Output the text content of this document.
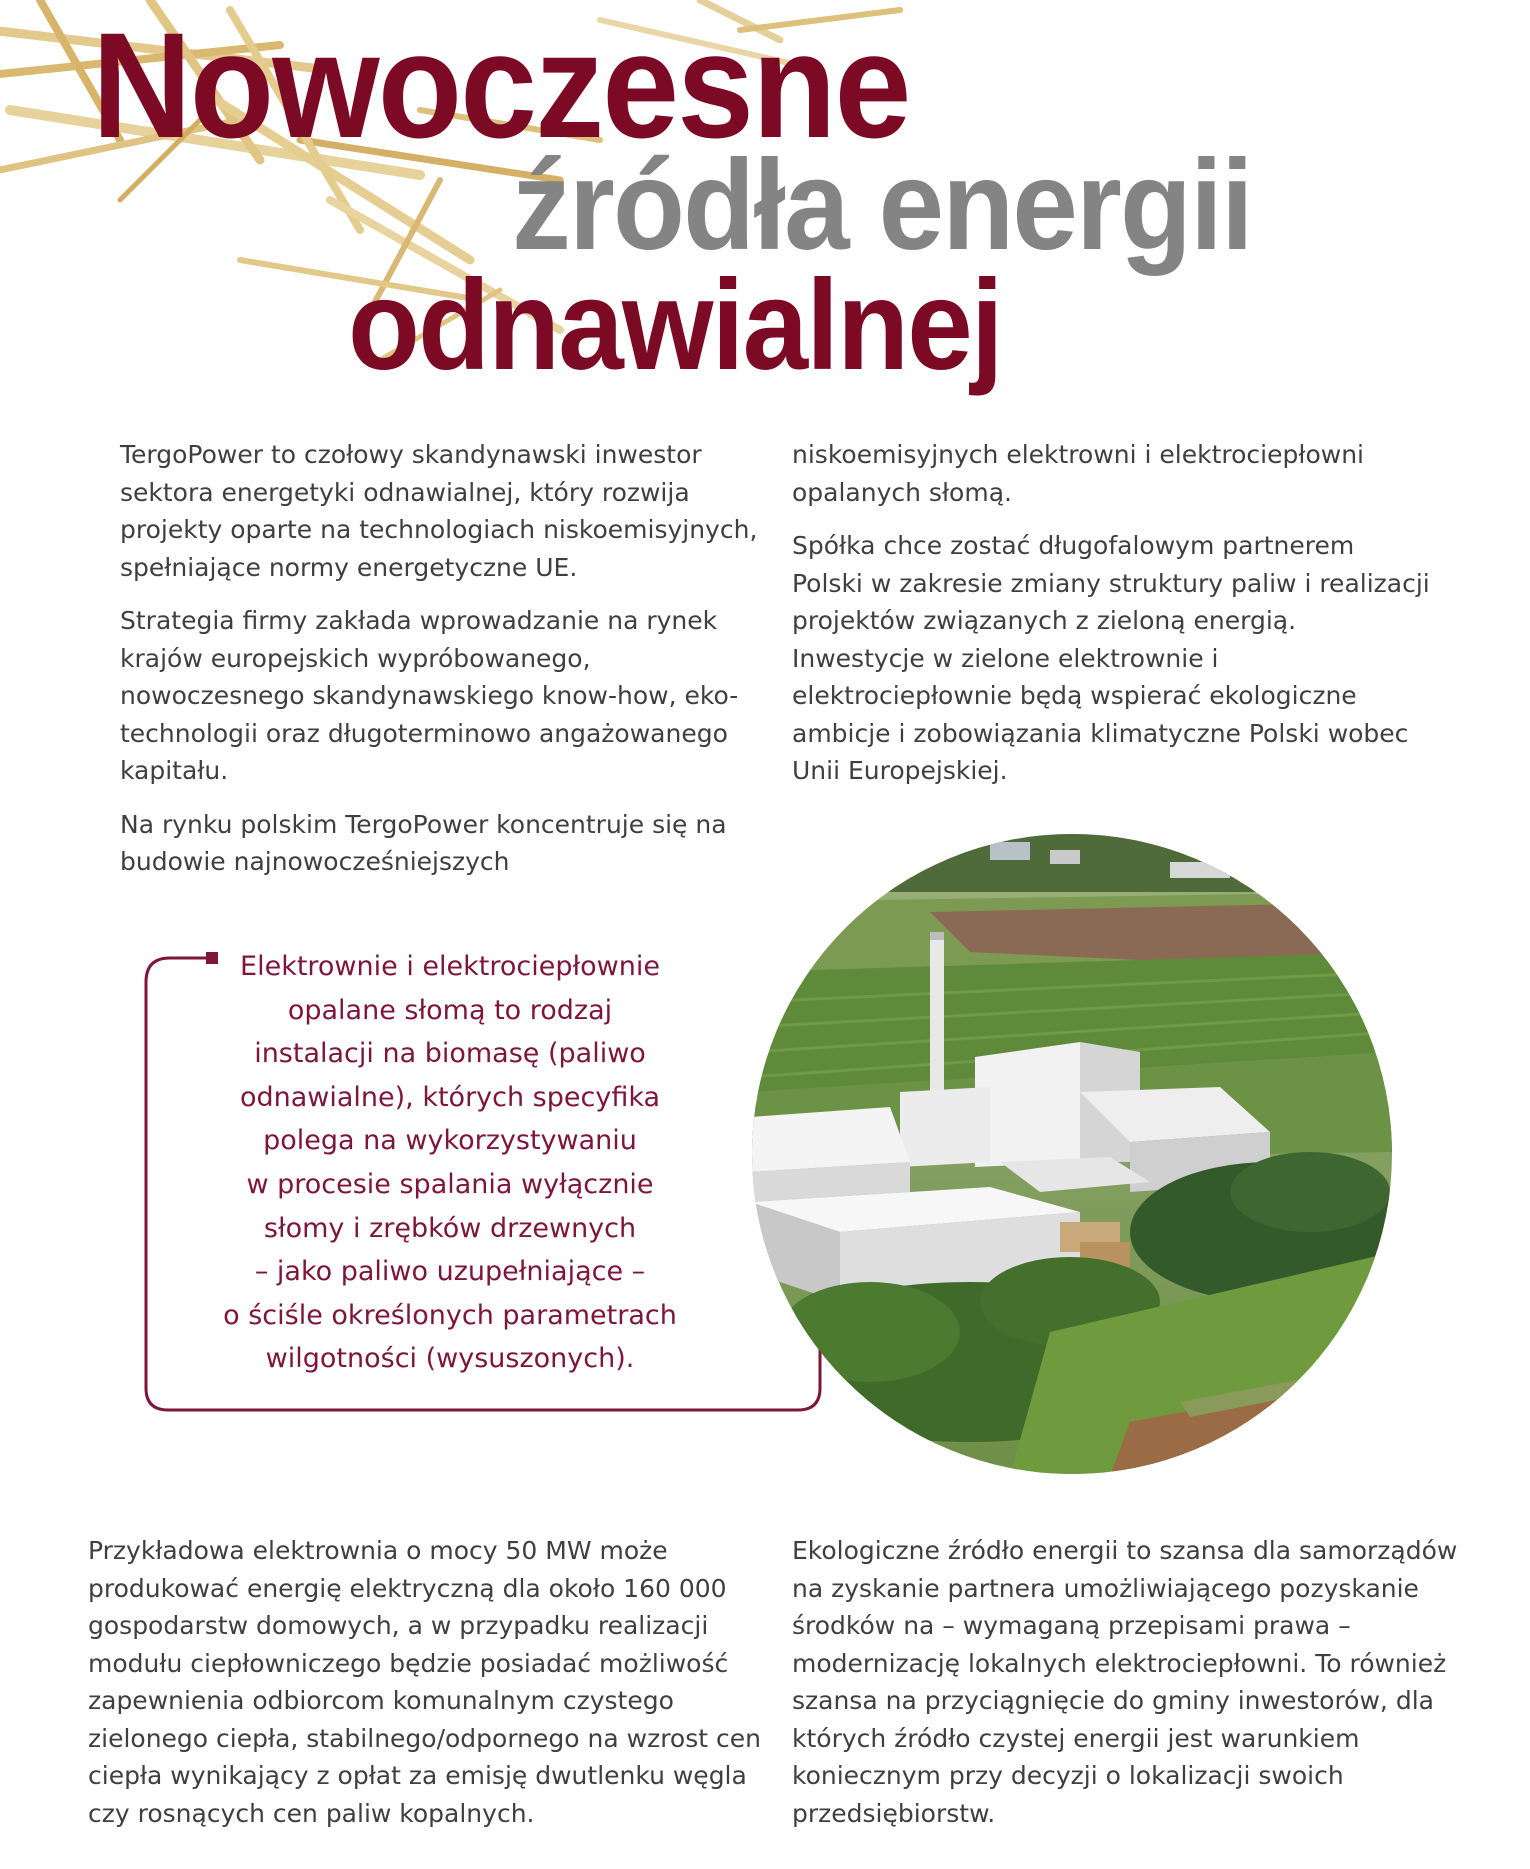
Nowoczesne
źródła energii
odnawialnej

TergoPower to czołowy skandynawski inwestor sektora energetyki odnawialnej, który rozwija projekty oparte na technologiach niskoemisyjnych, spełniające normy energetyczne UE.

Strategia firmy zakłada wprowadzanie na rynek krajów europejskich wypróbowanego, nowoczesnego skandynawskiego know-how, eko-technologii oraz długoterminowo angażowanego kapitału.

Na rynku polskim TergoPower koncentruje się na budowie najnowocześniejszych

niskoemisyjnych elektrowni i elektrociepłowni opalanych słomą.

Spółka chce zostać długofalowym partnerem Polski w zakresie zmiany struktury paliw i realizacji projektów związanych z zieloną energią. Inwestycje w zielone elektrownie i elektrociepłownie będą wspierać ekologiczne ambicje i zobowiązania klimatyczne Polski wobec Unii Europejskiej.

Elektrownie i elektrociepłownie

opalane słomą to rodzaj

instalacji na biomasę (paliwo

odnawialne), których specyfika

polega na wykorzystywaniu

w procesie spalania wyłącznie

słomy i zrębków drzewnych

– jako paliwo uzupełniające –

o ściśle określonych parametrach

wilgotności (wysuszonych).

Przykładowa elektrownia o mocy 50 MW może produkować energię elektryczną dla około 160 000 gospodarstw domowych, a w przypadku realizacji modułu ciepłowniczego będzie posiadać możliwość zapewnienia odbiorcom komunalnym czystego zielonego ciepła, stabilnego/odpornego na wzrost cen ciepła wynikający z opłat za emisję dwutlenku węgla czy rosnących cen paliw kopalnych.

Ekologiczne źródło energii to szansa dla samorządów na zyskanie partnera umożliwiającego pozyskanie środków na – wymaganą przepisami prawa – modernizację lokalnych elektrociepłowni. To również szansa na przyciągnięcie do gminy inwestorów, dla których źródło czystej energii jest warunkiem koniecznym przy decyzji o lokalizacji swoich przedsiębiorstw.
